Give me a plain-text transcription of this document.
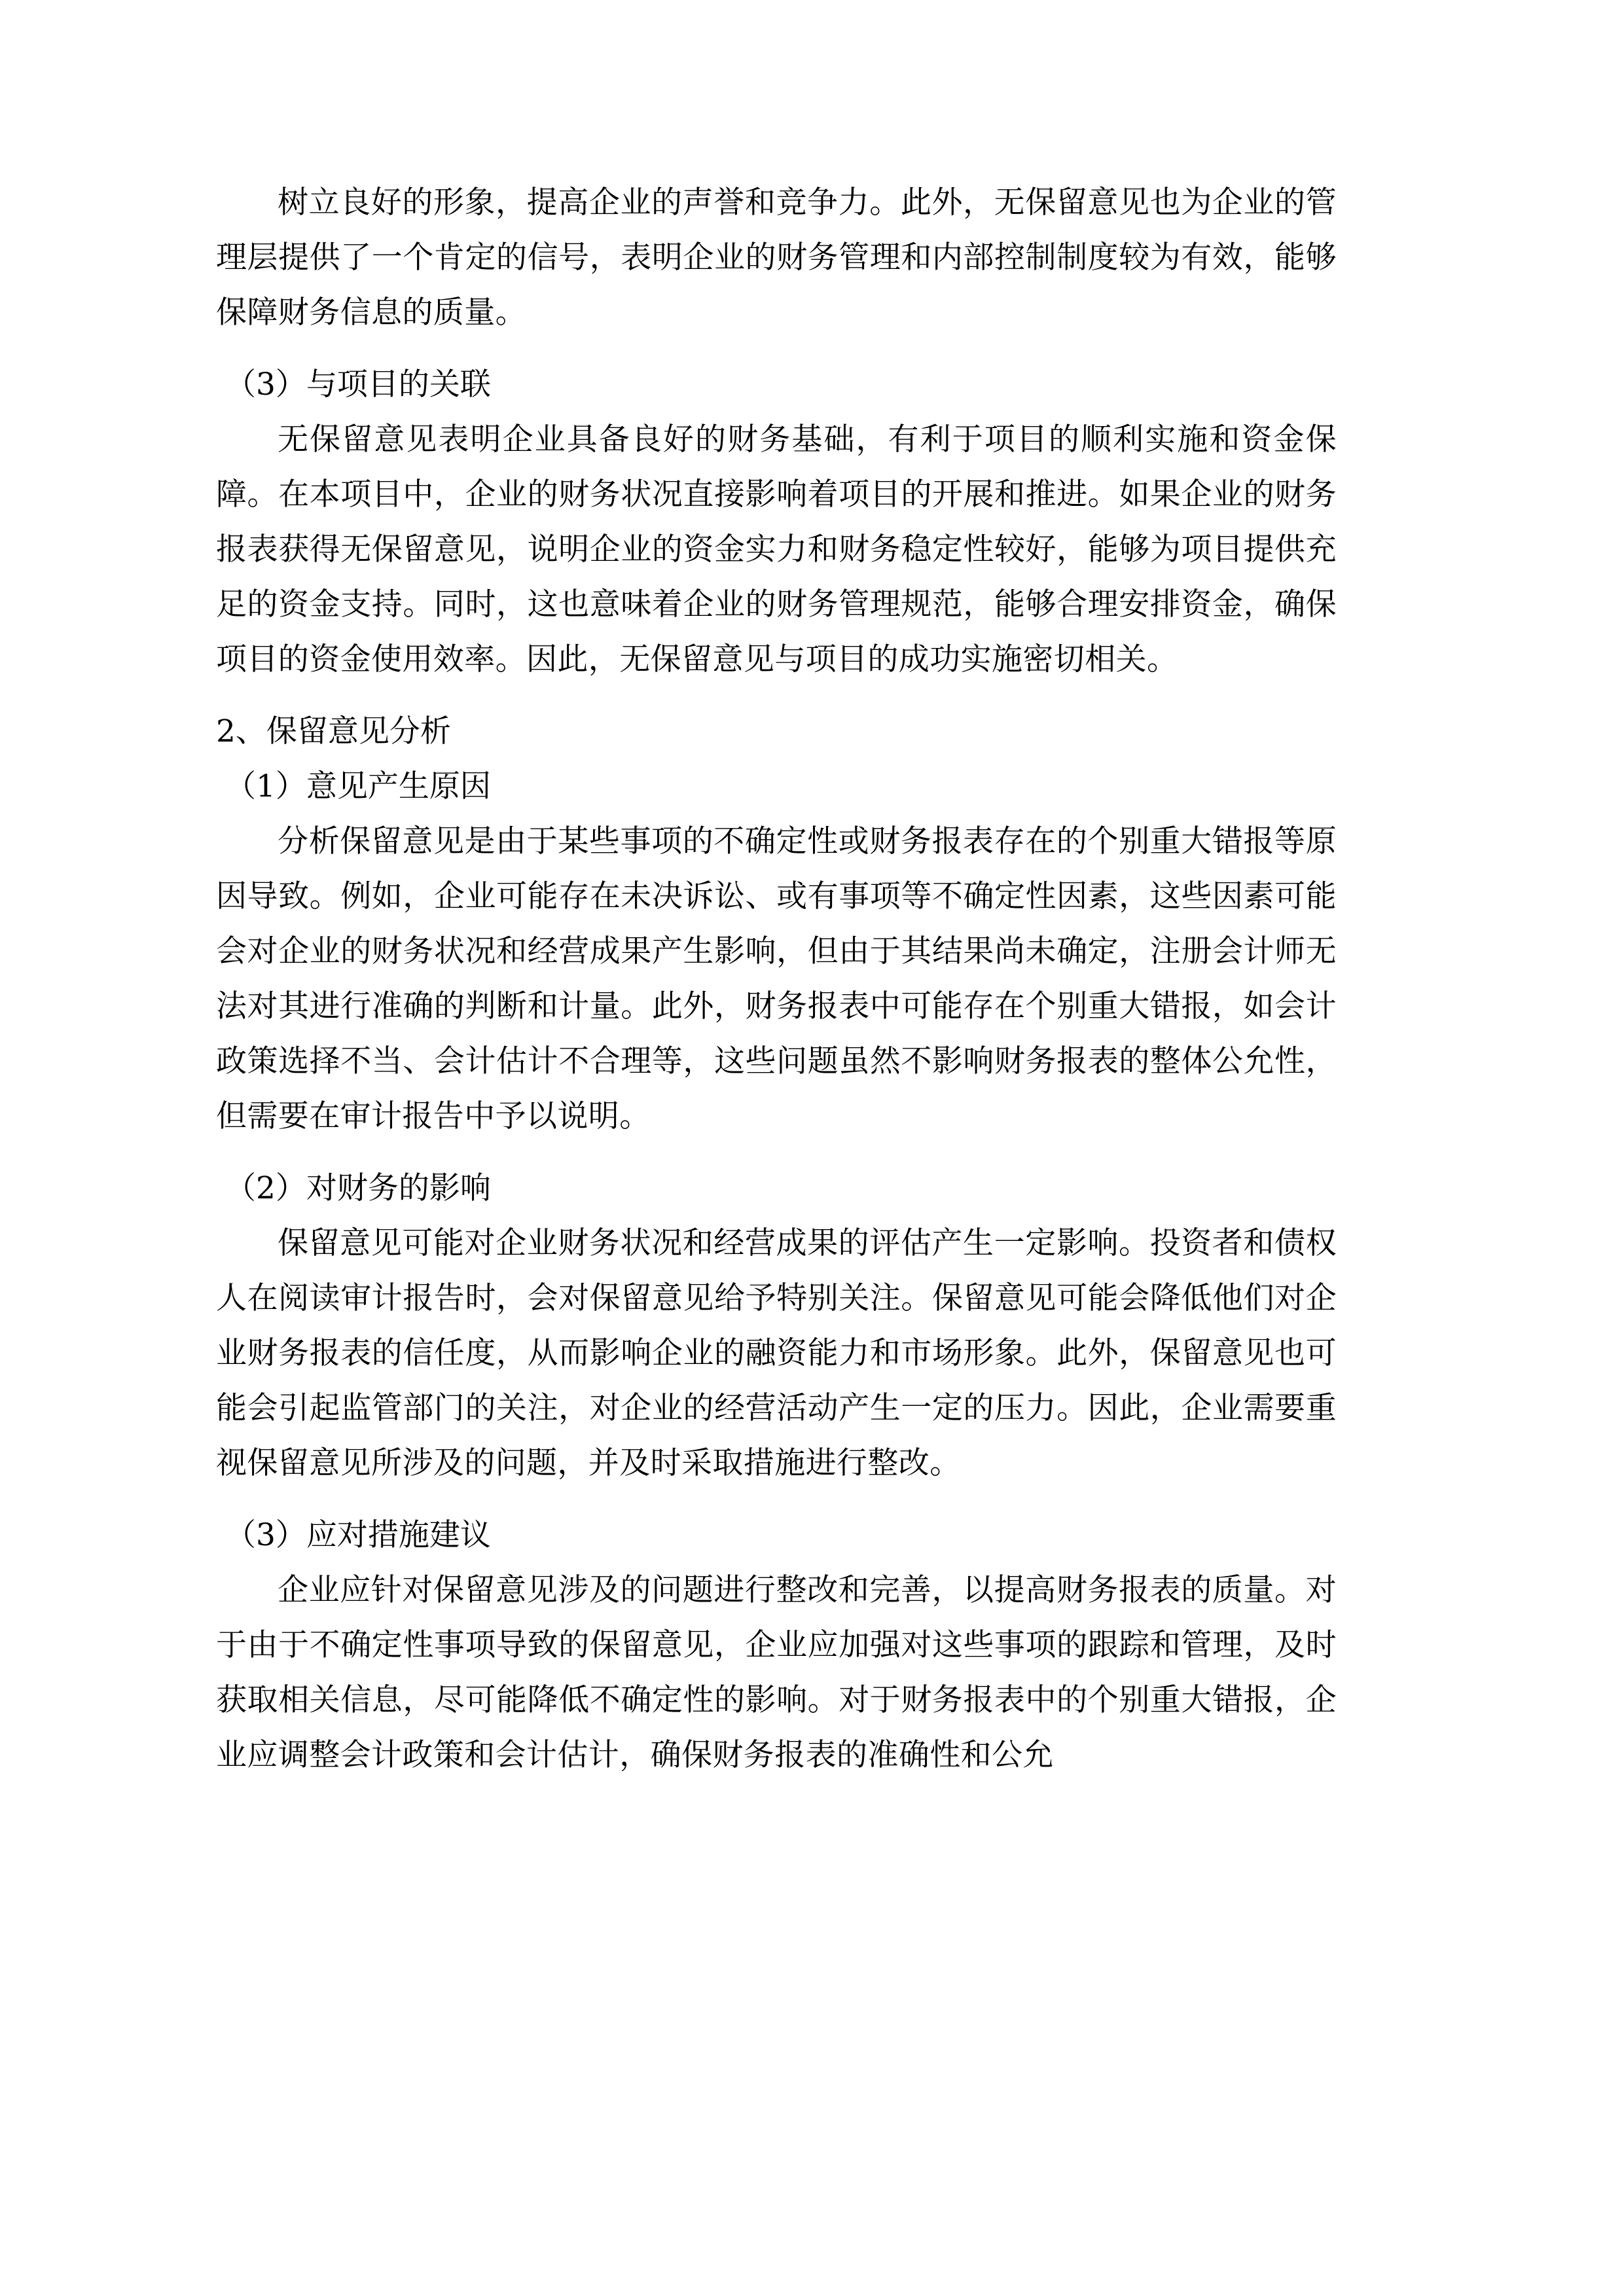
树立良好的形象，提高企业的声誉和竞争力。此外，无保留意见也为企业的管理层提供了一个肯定的信号，表明企业的财务管理和内部控制制度较为有效，能够保障财务信息的质量。

（3）与项目的关联

无保留意见表明企业具备良好的财务基础，有利于项目的顺利实施和资金保障。在本项目中，企业的财务状况直接影响着项目的开展和推进。如果企业的财务报表获得无保留意见，说明企业的资金实力和财务稳定性较好，能够为项目提供充足的资金支持。同时，这也意味着企业的财务管理规范，能够合理安排资金，确保项目的资金使用效率。因此，无保留意见与项目的成功实施密切相关。

2、保留意见分析

（1）意见产生原因

分析保留意见是由于某些事项的不确定性或财务报表存在的个别重大错报等原因导致。例如，企业可能存在未决诉讼、或有事项等不确定性因素，这些因素可能会对企业的财务状况和经营成果产生影响，但由于其结果尚未确定，注册会计师无法对其进行准确的判断和计量。此外，财务报表中可能存在个别重大错报，如会计政策选择不当、会计估计不合理等，这些问题虽然不影响财务报表的整体公允性，但需要在审计报告中予以说明。

（2）对财务的影响

保留意见可能对企业财务状况和经营成果的评估产生一定影响。投资者和债权人在阅读审计报告时，会对保留意见给予特别关注。保留意见可能会降低他们对企业财务报表的信任度，从而影响企业的融资能力和市场形象。此外，保留意见也可能会引起监管部门的关注，对企业的经营活动产生一定的压力。因此，企业需要重视保留意见所涉及的问题，并及时采取措施进行整改。

（3）应对措施建议

企业应针对保留意见涉及的问题进行整改和完善，以提高财务报表的质量。对于由于不确定性事项导致的保留意见，企业应加强对这些事项的跟踪和管理，及时获取相关信息，尽可能降低不确定性的影响。对于财务报表中的个别重大错报，企业应调整会计政策和会计估计，确保财务报表的准确性和公允
